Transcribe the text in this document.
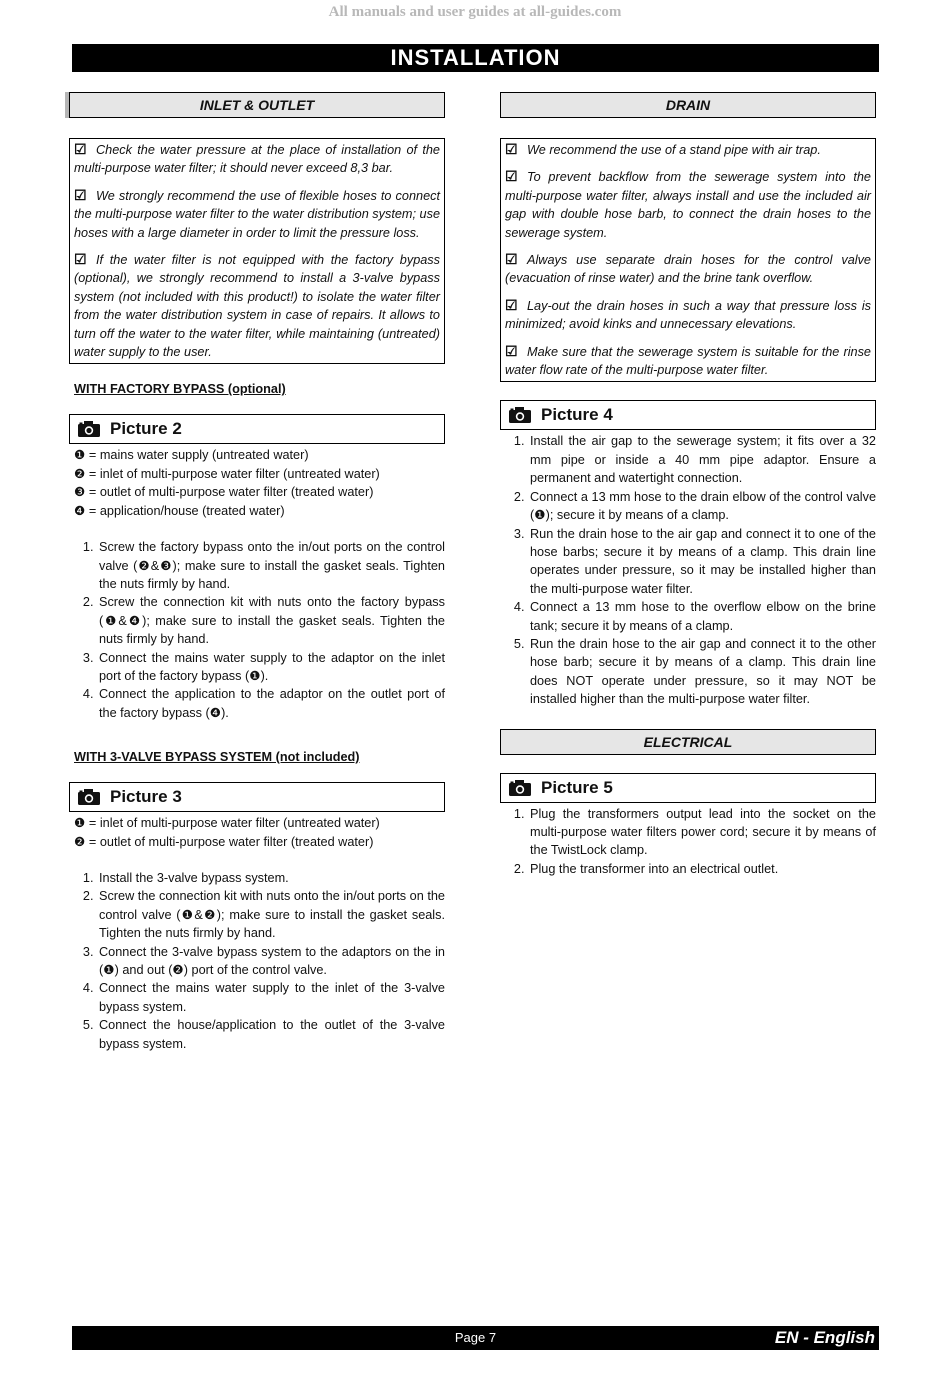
All manuals and user guides at all-guides.com
INSTALLATION
INLET & OUTLET

☑ Check the water pressure at the place of installation of the multi-purpose water filter; it should never exceed 8,3 bar.

☑ We strongly recommend the use of flexible hoses to connect the multi-purpose water filter to the water distribution system; use hoses with a large diameter in order to limit the pressure loss.

☑ If the water filter is not equipped with the factory bypass (optional), we strongly recommend to install a 3-valve bypass system (not included with this product!) to isolate the water filter from the water distribution system in case of repairs. It allows to turn off the water to the water filter, while maintaining (untreated) water supply to the user.

WITH FACTORY BYPASS (optional)
Picture 2
❶ = mains water supply (untreated water)
❷ = inlet of multi-purpose water filter (untreated water)
❸ = outlet of multi-purpose water filter (treated water)
❹ = application/house (treated water)
1. Screw the factory bypass onto the in/out ports on the control valve (❷&❸); make sure to install the gasket seals. Tighten the nuts firmly by hand.
2. Screw the connection kit with nuts onto the factory bypass (❶&❹); make sure to install the gasket seals. Tighten the nuts firmly by hand.
3. Connect the mains water supply to the adaptor on the inlet port of the factory bypass (❶).
4. Connect the application to the adaptor on the outlet port of the factory bypass (❹).
WITH 3-VALVE BYPASS SYSTEM (not included)
Picture 3
❶ = inlet of multi-purpose water filter (untreated water)
❷ = outlet of multi-purpose water filter (treated water)
1. Install the 3-valve bypass system.
2. Screw the connection kit with nuts onto the in/out ports on the control valve (❶&❷); make sure to install the gasket seals. Tighten the nuts firmly by hand.
3. Connect the 3-valve bypass system to the adaptors on the in (❶) and out (❷) port of the control valve.
4. Connect the mains water supply to the inlet of the 3-valve bypass system.
5. Connect the house/application to the outlet of the 3-valve bypass system.
DRAIN

☑ We recommend the use of a stand pipe with air trap.

☑ To prevent backflow from the sewerage system into the multi-purpose water filter, always install and use the included air gap with double hose barb, to connect the drain hoses to the sewerage system.

☑ Always use separate drain hoses for the control valve (evacuation of rinse water) and the brine tank overflow.

☑ Lay-out the drain hoses in such a way that pressure loss is minimized; avoid kinks and unnecessary elevations.

☑ Make sure that the sewerage system is suitable for the rinse water flow rate of the multi-purpose water filter.

Picture 4
1. Install the air gap to the sewerage system; it fits over a 32 mm pipe or inside a 40 mm pipe adaptor. Ensure a permanent and watertight connection.
2. Connect a 13 mm hose to the drain elbow of the control valve (❶); secure it by means of a clamp.
3. Run the drain hose to the air gap and connect it to one of the hose barbs; secure it by means of a clamp. This drain line operates under pressure, so it may be installed higher than the multi-purpose water filter.
4. Connect a 13 mm hose to the overflow elbow on the brine tank; secure it by means of a clamp.
5. Run the drain hose to the air gap and connect it to the other hose barb; secure it by means of a clamp. This drain line does NOT operate under pressure, so it may NOT be installed higher than the multi-purpose water filter.
ELECTRICAL
Picture 5
1. Plug the transformers output lead into the socket on the multi-purpose water filters power cord; secure it by means of the TwistLock clamp.
2. Plug the transformer into an electrical outlet.
Page 7	EN - English
